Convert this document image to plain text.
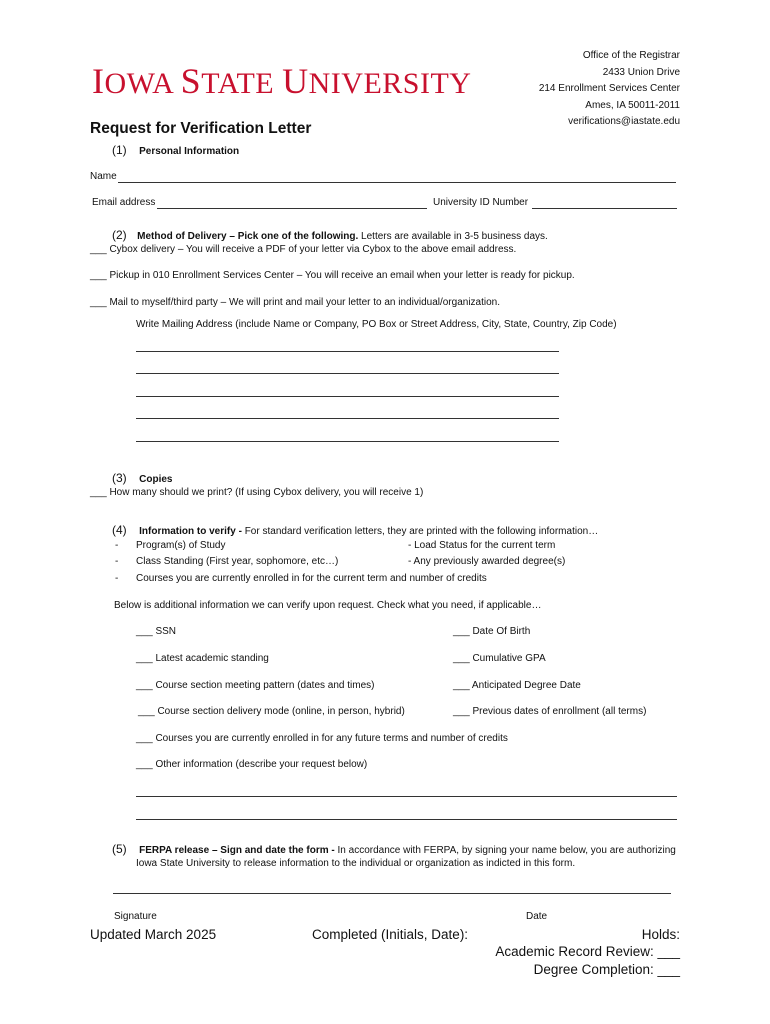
IOWA STATE UNIVERSITY
Office of the Registrar
2433 Union Drive
214 Enrollment Services Center
Ames, IA 50011-2011
verifications@iastate.edu
Request for Verification Letter
(1) Personal Information
Name
Email address	University ID Number
(2) Method of Delivery – Pick one of the following. Letters are available in 3-5 business days.
___ Cybox delivery – You will receive a PDF of your letter via Cybox to the above email address.
___ Pickup in 010 Enrollment Services Center – You will receive an email when your letter is ready for pickup.
___ Mail to myself/third party – We will print and mail your letter to an individual/organization.
Write Mailing Address (include Name or Company, PO Box or Street Address, City, State, Country, Zip Code)
(3) Copies
___ How many should we print? (If using Cybox delivery, you will receive 1)
(4) Information to verify - For standard verification letters, they are printed with the following information…
- Program(s) of Study	- Load Status for the current term
- Class Standing (First year, sophomore, etc…)	- Any previously awarded degree(s)
- Courses you are currently enrolled in for the current term and number of credits
Below is additional information we can verify upon request. Check what you need, if applicable…
___ SSN	___ Date Of Birth
___ Latest academic standing	___ Cumulative GPA
___ Course section meeting pattern (dates and times)	___ Anticipated Degree Date
___ Course section delivery mode (online, in person, hybrid)	___ Previous dates of enrollment (all terms)
___ Courses you are currently enrolled in for any future terms and number of credits
___ Other information (describe your request below)
(5) FERPA release – Sign and date the form - In accordance with FERPA, by signing your name below, you are authorizing
Iowa State University to release information to the individual or organization as indicted in this form.
Signature	Date
Updated March 2025	Completed (Initials, Date):	Holds:
Academic Record Review: ___
Degree Completion: ___
